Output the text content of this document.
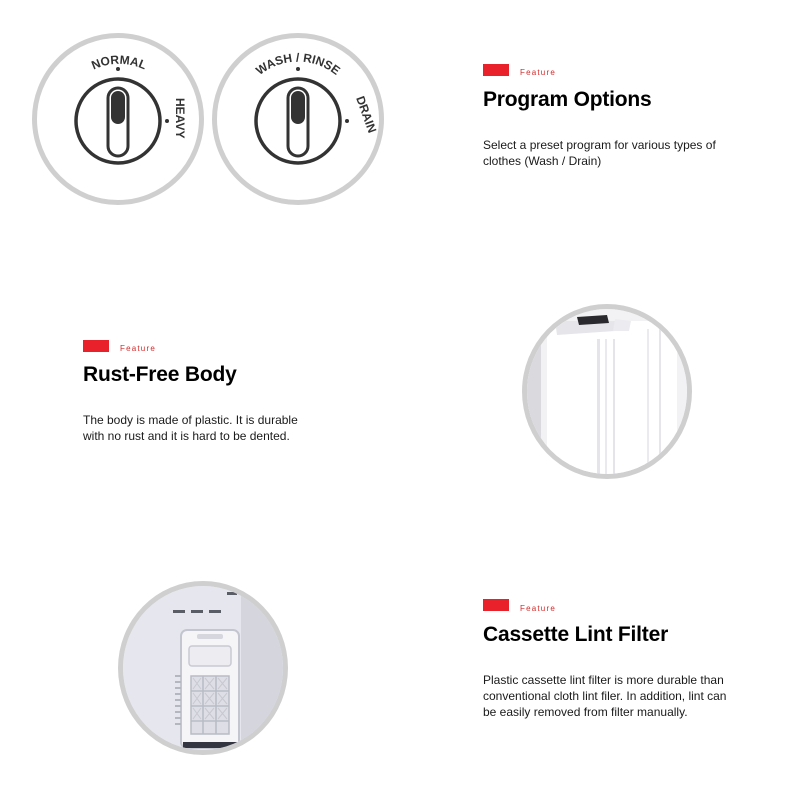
NORMAL
HEAVY
WASH / RINSE
DRAIN
Feature
Program Options
Select a preset program for various types of clothes (Wash / Drain)
Feature
Rust-Free Body
The body is made of plastic. It is durable with no rust and it is hard to be dented.
Feature
Cassette Lint Filter
Plastic cassette lint filter is more durable than conventional cloth lint filer. In addition, lint can be easily removed from filter manually.
